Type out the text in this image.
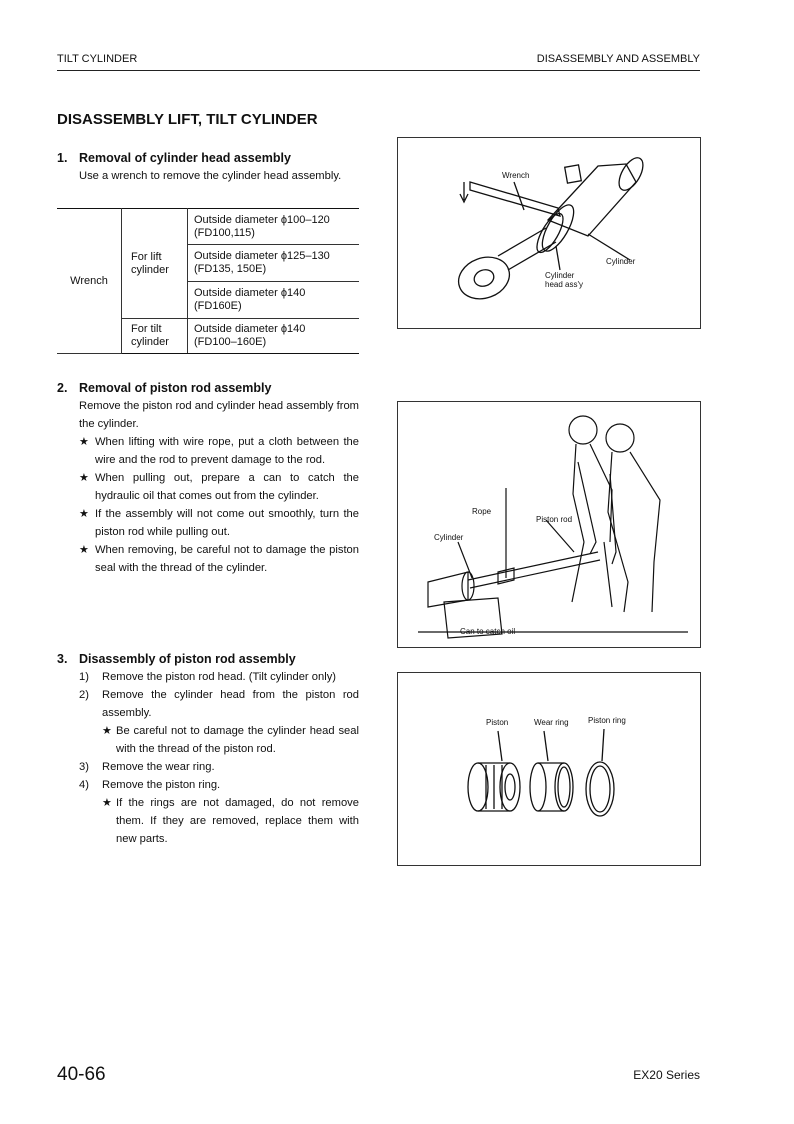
TILT CYLINDER	DISASSEMBLY AND ASSEMBLY
DISASSEMBLY LIFT, TILT CYLINDER

1. Removal of cylinder head assembly

Use a wrench to remove the cylinder head assembly.
Wrench	For lift cylinder	Outside diameter ϕ100–120
(FD100,115)

		Outside diameter ϕ125–130
(FD135, 150E)

		Outside diameter ϕ140
(FD160E)

	For tilt cylinder	Outside diameter ϕ140
(FD100–160E)

2. Removal of piston rod assembly

Remove the piston rod and cylinder head assembly from the cylinder.
★ When lifting with wire rope, put a cloth between the wire and the rod to prevent damage to the rod.
★ When pulling out, prepare a can to catch the hydraulic oil that comes out from the cylinder.
★ If the assembly will not come out smoothly, turn the piston rod while pulling out.
★ When removing, be careful not to damage the piston seal with the thread of the cylinder.

3. Disassembly of piston rod assembly

1) Remove the piston rod head. (Tilt cylinder only)
2) Remove the cylinder head from the piston rod assembly.
★ Be careful not to damage the cylinder head seal with the thread of the piston rod.
3) Remove the wear ring.
4) Remove the piston ring.
★ If the rings are not damaged, do not remove them. If they are removed, replace them with new parts.
Wrench
Cylinder
Cylinder
head ass'y
Rope
Piston rod
Cylinder
Can to catch oil
Piston	Wear ring Piston ring
40-66	EX20 Series
